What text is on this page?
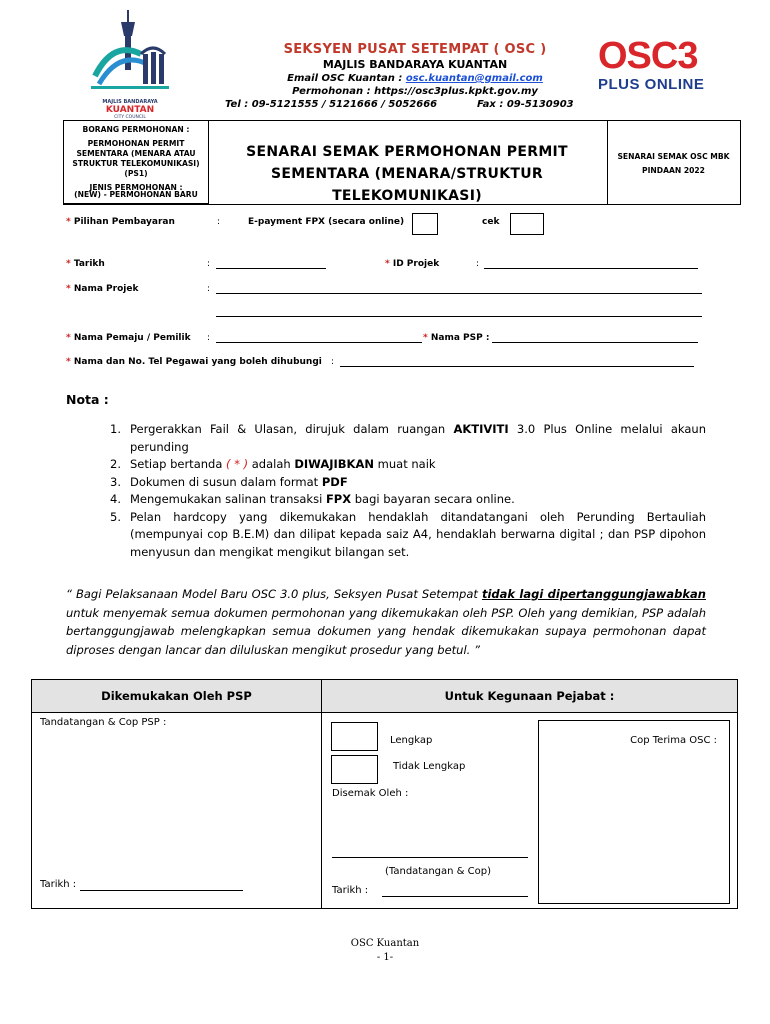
MAJLIS BANDARAYA
KUANTAN
CITY COUNCIL
SEKSYEN PUSAT SETEMPAT ( OSC )
MAJLIS BANDARAYA KUANTAN
Email OSC Kuantan : osc.kuantan@gmail.com
Permohonan : https://osc3plus.kpkt.gov.my
Tel : 09-5121555 / 5121666 / 5052666	Fax : 09-5130903
OSC3
PLUS ONLINE
BORANG PERMOHONAN :
PERMOHONAN PERMIT SEMENTARA (MENARA ATAU STRUKTUR TELEKOMUNIKASI) (PS1)
JENIS PERMOHONAN :
(NEW) - PERMOHONAN BARU
SENARAI SEMAK PERMOHONAN PERMIT
SEMENTARA (MENARA/STRUKTUR TELEKOMUNIKASI)
SENARAI SEMAK OSC MBK
PINDAAN 2022
* Pilihan Pembayaran	:	E-payment FPX (secara online)	cek
* Tarikh	:	* ID Projek	:
* Nama Projek	:
* Nama Pemaju / Pemilik :	* Nama PSP :
* Nama dan No. Tel Pegawai yang boleh dihubungi :
Nota :
1. Pergerakkan Fail & Ulasan, dirujuk dalam ruangan AKTIVITI 3.0 Plus Online melalui akaun perunding
2. Setiap bertanda ( * ) adalah DIWAJIBKAN muat naik
3. Dokumen di susun dalam format PDF
4. Mengemukakan salinan transaksi FPX bagi bayaran secara online.
5. Pelan hardcopy yang dikemukakan hendaklah ditandatangani oleh Perunding Bertauliah (mempunyai cop B.E.M) dan dilipat kepada saiz A4, hendaklah berwarna digital ; dan PSP dipohon menyusun dan mengikat mengikut bilangan set.
“ Bagi Pelaksanaan Model Baru OSC 3.0 plus, Seksyen Pusat Setempat tidak lagi dipertanggungjawabkan untuk menyemak semua dokumen permohonan yang dikemukakan oleh PSP. Oleh yang demikian, PSP adalah bertanggungjawab melengkapkan semua dokumen yang hendak dikemukakan supaya permohonan dapat diproses dengan lancar dan diluluskan mengikut prosedur yang betul. ”
Dikemukakan Oleh PSP	Untuk Kegunaan Pejabat :
Tandatangan & Cop PSP :
Tarikh :
Lengkap
Tidak Lengkap
Disemak Oleh :
(Tandatangan & Cop)
Tarikh :
Cop Terima OSC :
OSC Kuantan
- 1-
